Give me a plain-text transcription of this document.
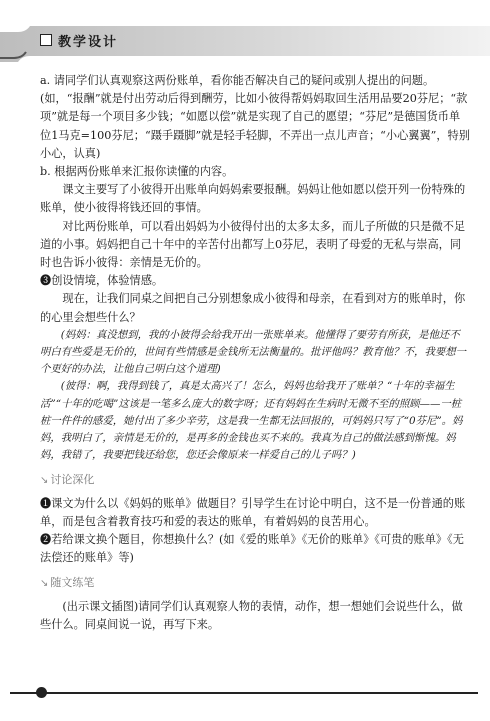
教学设计

a. 请同学们认真观察这两份账单，看你能否解决自己的疑问或别人提出的问题。(如，“报酬”就是付出劳动后得到酬劳，比如小彼得帮妈妈取回生活用品要20芬尼；“款项”就是每一个项目多少钱；“如愿以偿”就是实现了自己的愿望；“芬尼”是德国货币单位1马克=100芬尼；“蹑手蹑脚”就是轻手轻脚，不弄出一点儿声音；“小心翼翼”，特别小心，认真)

b. 根据两份账单来汇报你读懂的内容。

课文主要写了小彼得开出账单向妈妈索要报酬。妈妈让他如愿以偿开列一份特殊的账单，使小彼得将钱还回的事情。

对比两份账单，可以看出妈妈为小彼得付出的太多太多，而儿子所做的只是微不足道的小事。妈妈把自己十年中的辛苦付出都写上0芬尼，表明了母爱的无私与崇高，同时也告诉小彼得：亲情是无价的。

❸创设情境，体验情感。

现在，让我们同桌之间把自己分别想象成小彼得和母亲，在看到对方的账单时，你的心里会想些什么？

(妈妈：真没想到，我的小彼得会给我开出一张账单来。他懂得了要劳有所获，是他还不明白有些爱是无价的，世间有些情感是金钱所无法衡量的。批评他吗？教育他？不，我要想一个更好的办法，让他自己明白这个道理)

(彼得：啊，我得到钱了，真是太高兴了！怎么，妈妈也给我开了账单？“十年的幸福生活”“十年的吃喝”这该是一笔多么庞大的数字呀；还有妈妈在生病时无微不至的照顾——一桩桩一件件的感爱，她付出了多少辛劳，这是我一生都无法回报的，可妈妈只写了“0芬尼”。妈妈，我明白了，亲情是无价的，是再多的金钱也买不来的。我真为自己的做法感到惭愧。妈妈，我错了，我要把钱还给您，您还会像原来一样爱自己的儿子吗？)

↘ 讨论深化

❶课文为什么以《妈妈的账单》做题目？引导学生在讨论中明白，这不是一份普通的账单，而是包含着教育技巧和爱的表达的账单，有着妈妈的良苦用心。

❷若给课文换个题目，你想换什么？(如《爱的账单》《无价的账单》《可贵的账单》《无法偿还的账单》等)

↘ 随文练笔

(出示课文插图)请同学们认真观察人物的表情，动作，想一想她们会说些什么，做些什么。同桌间说一说，再写下来。
